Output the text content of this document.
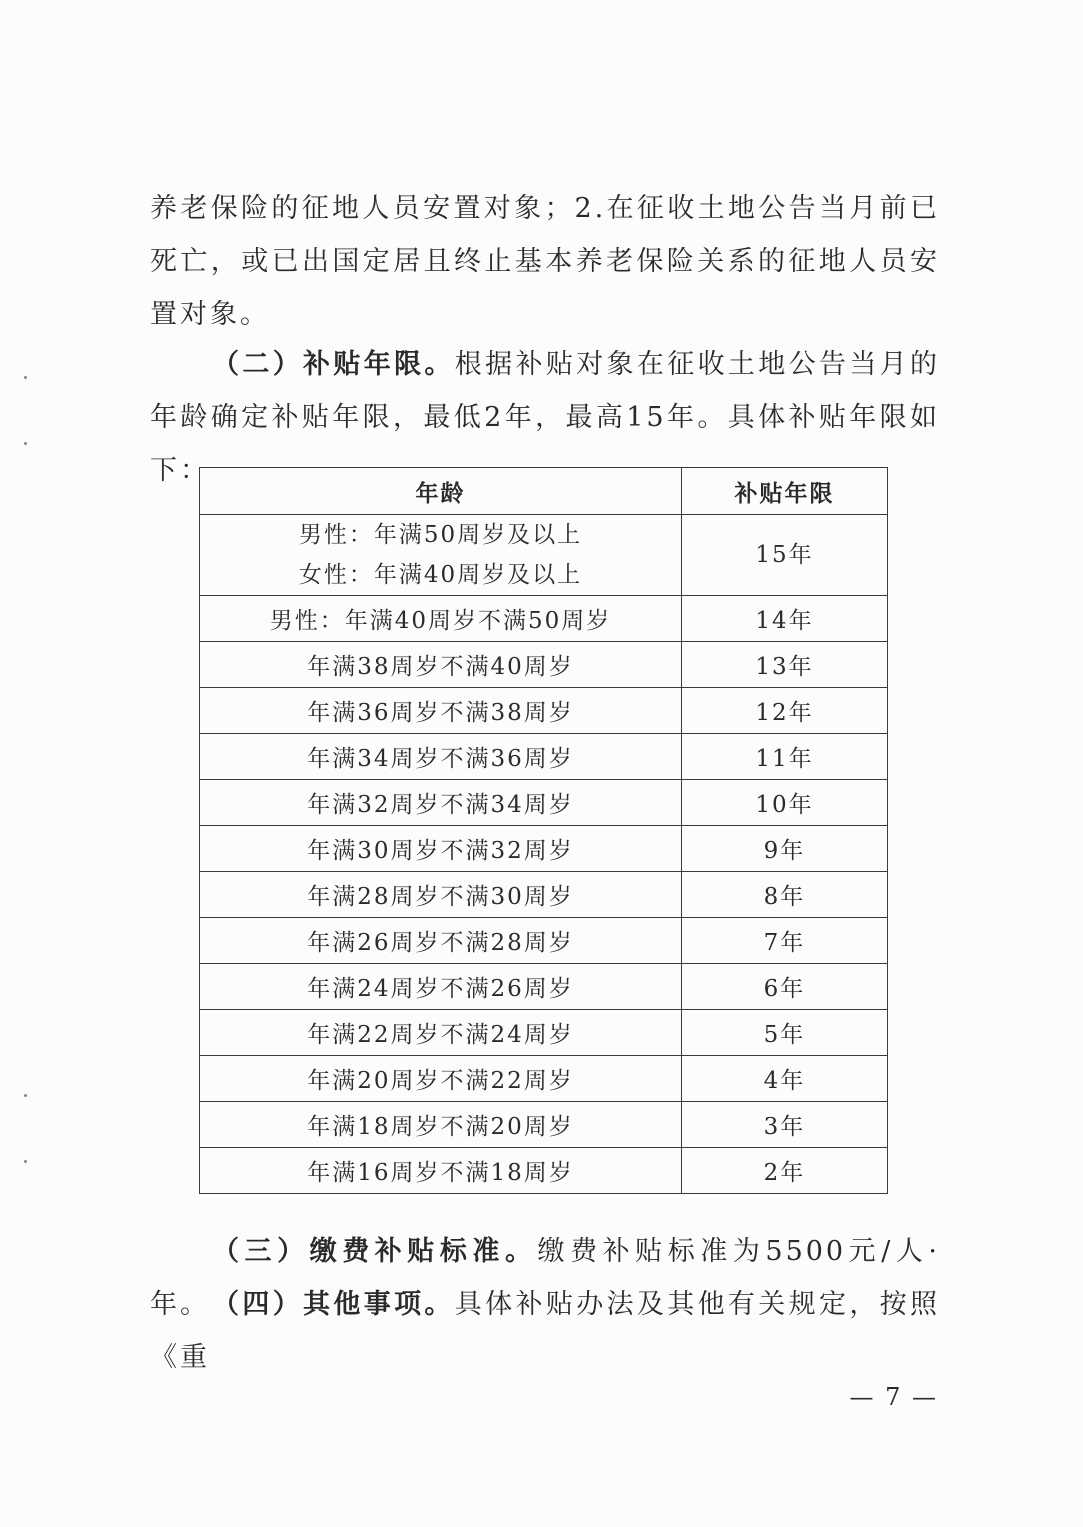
养老保险的征地人员安置对象；2.在征收土地公告当月前已死亡，或已出国定居且终止基本养老保险关系的征地人员安置对象。

（二）补贴年限。根据补贴对象在征收土地公告当月的年龄确定补贴年限，最低2年，最高15年。具体补贴年限如下：

年龄	补贴年限

男性：年满50周岁及以上
女性：年满40周岁及以上	15年
男性：年满40周岁不满50周岁	14年
年满38周岁不满40周岁	13年
年满36周岁不满38周岁	12年
年满34周岁不满36周岁	11年
年满32周岁不满34周岁	10年
年满30周岁不满32周岁	9年
年满28周岁不满30周岁	8年
年满26周岁不满28周岁	7年
年满24周岁不满26周岁	6年
年满22周岁不满24周岁	5年
年满20周岁不满22周岁	4年
年满18周岁不满20周岁	3年
年满16周岁不满18周岁	2年

（三）缴费补贴标准。缴费补贴标准为5500元/人·年。 （四）其他事项。具体补贴办法及其他有关规定，按照《重

— 7 —
